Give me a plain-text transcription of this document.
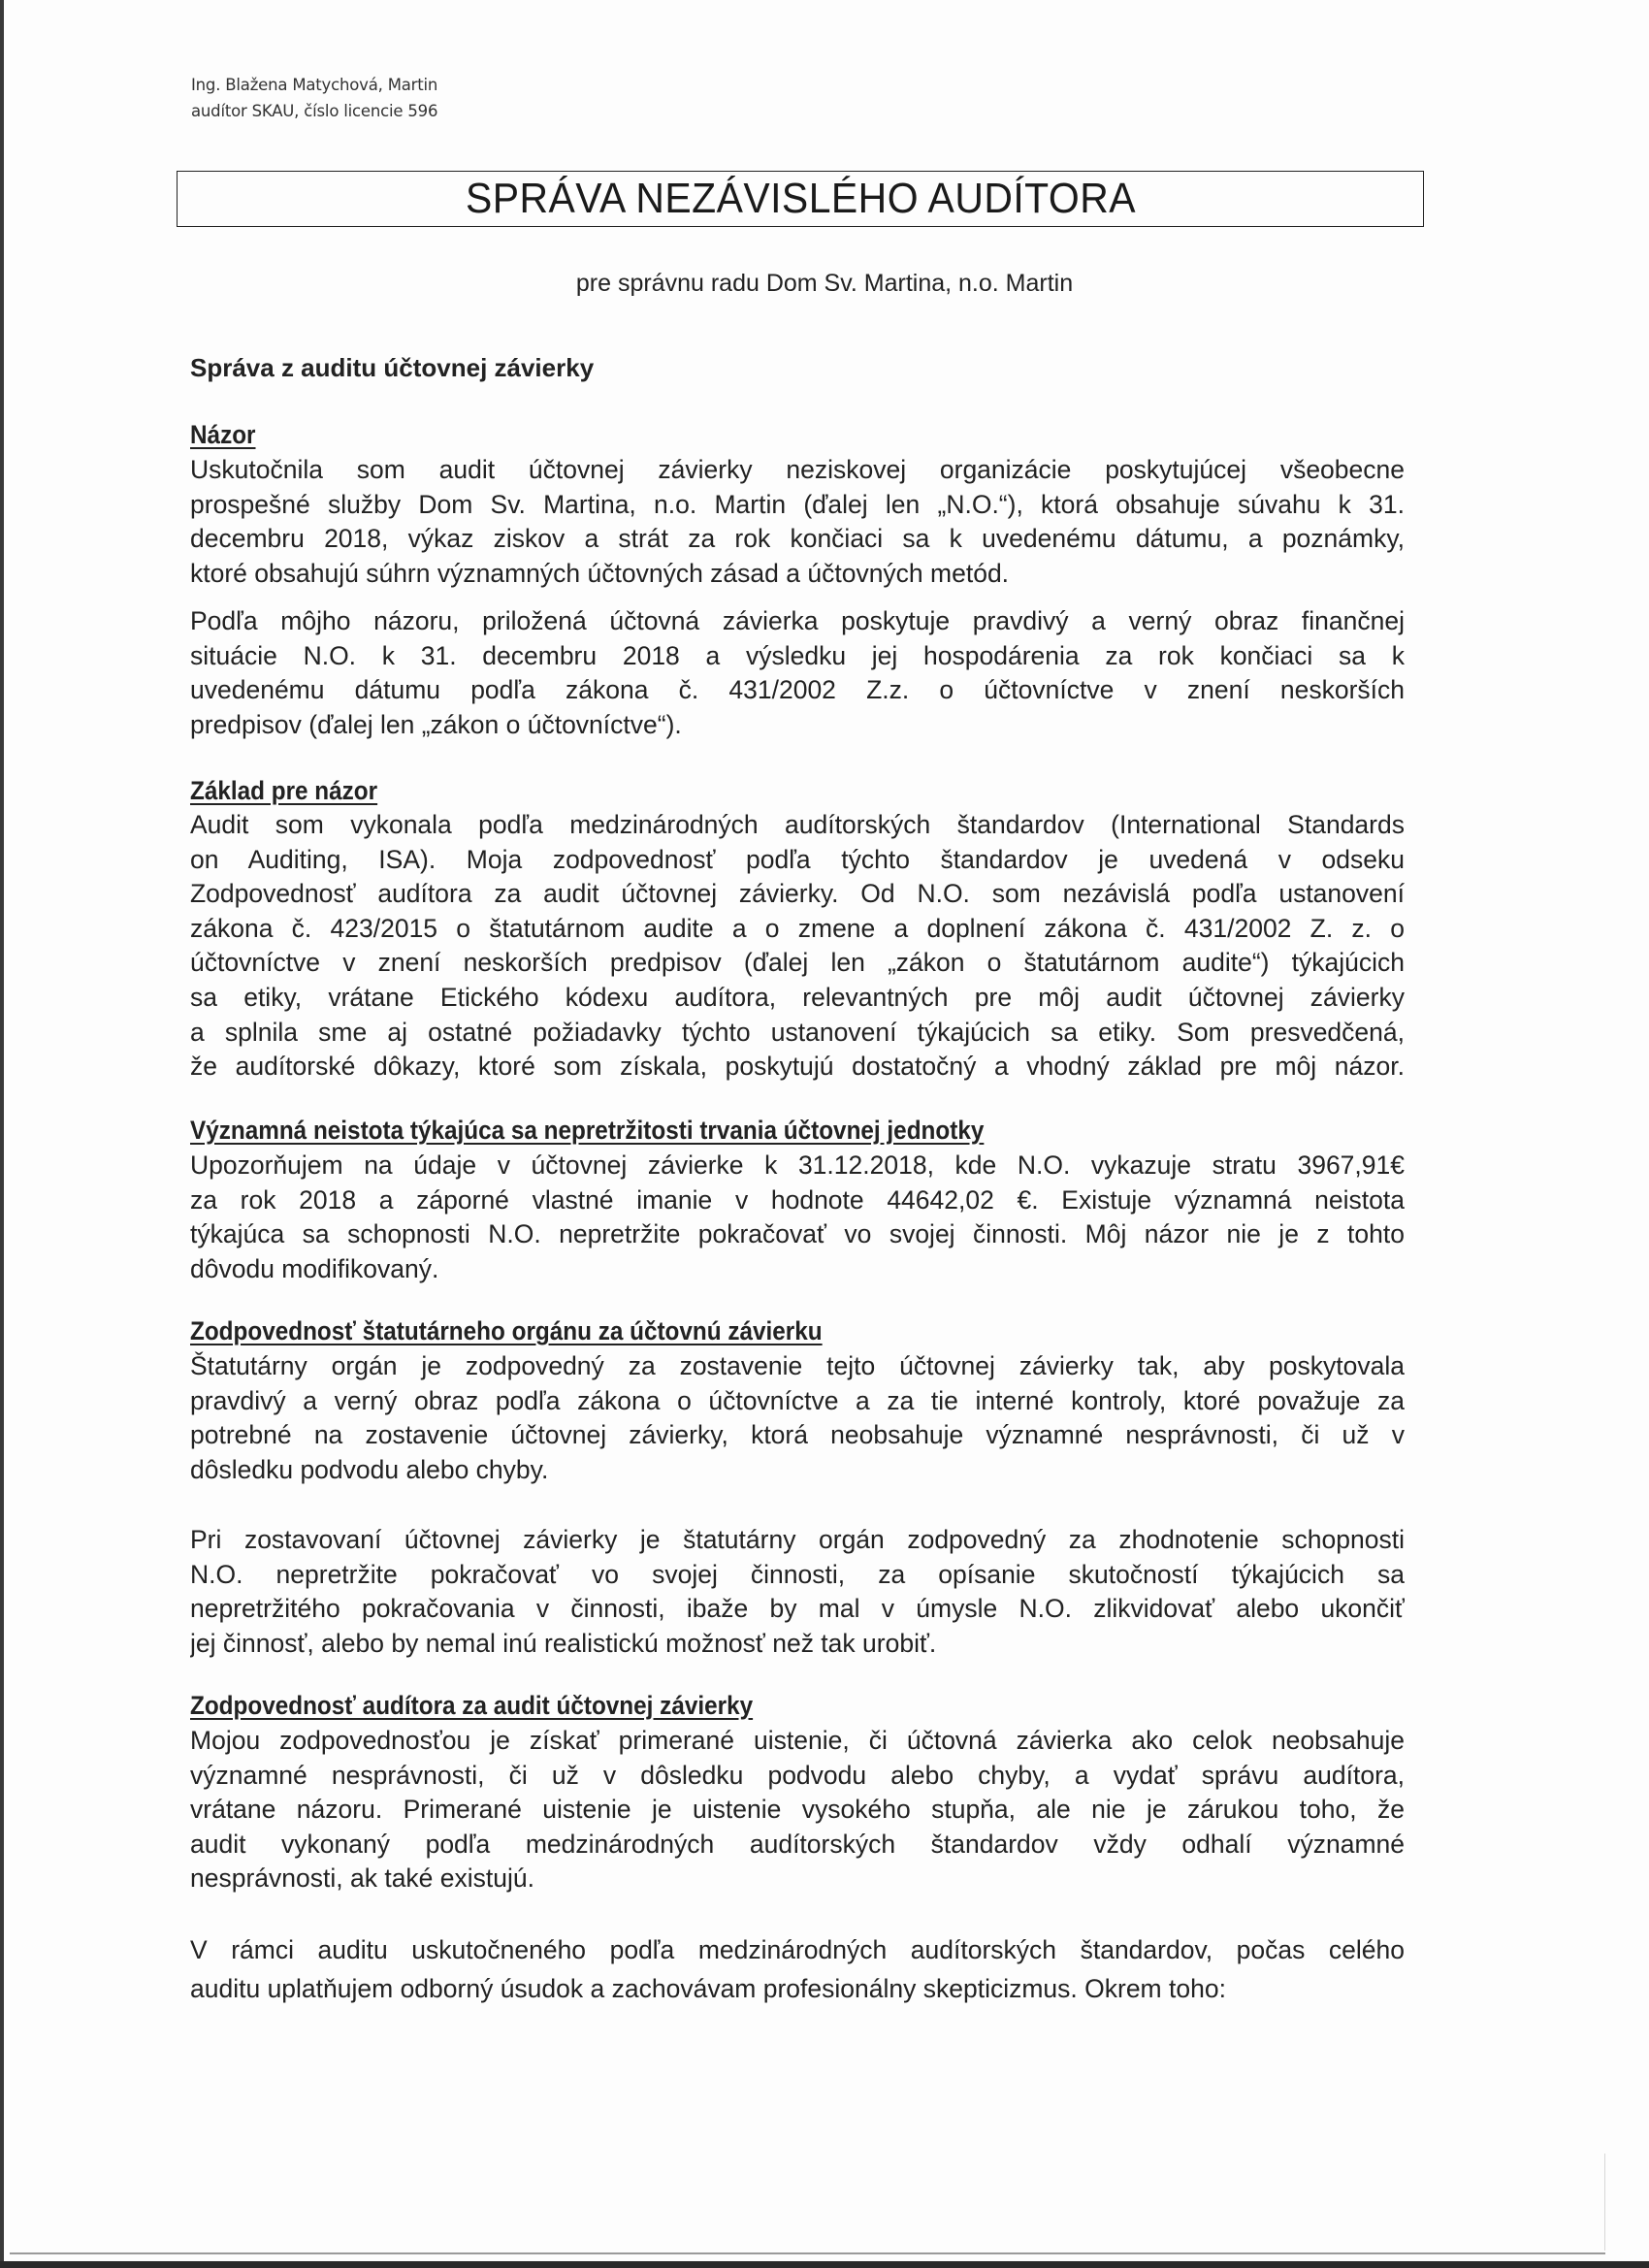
Ing. Blažena Matychová, Martin
audítor SKAU, číslo licencie 596
SPRÁVA NEZÁVISLÉHO AUDÍTORA
pre správnu radu Dom Sv. Martina, n.o. Martin
Správa z auditu účtovnej závierky
Názor
Uskutočnila som audit účtovnej závierky neziskovej organizácie poskytujúcej všeobecne
prospešné služby Dom Sv. Martina, n.o. Martin (ďalej len „N.O.“), ktorá obsahuje súvahu k 31.
decembru 2018, výkaz ziskov a strát za rok končiaci sa k uvedenému dátumu, a poznámky,
ktoré obsahujú súhrn významných účtovných zásad a účtovných metód.
Podľa môjho názoru, priložená účtovná závierka poskytuje pravdivý a verný obraz finančnej
situácie N.O. k 31. decembru 2018 a výsledku jej hospodárenia za rok končiaci sa k
uvedenému dátumu podľa zákona č. 431/2002 Z.z. o účtovníctve v znení neskorších
predpisov (ďalej len „zákon o účtovníctve“).
Základ pre názor
Audit som vykonala podľa medzinárodných audítorských štandardov (International Standards
on Auditing, ISA). Moja zodpovednosť podľa týchto štandardov je uvedená v odseku
Zodpovednosť audítora za audit účtovnej závierky. Od N.O. som nezávislá podľa ustanovení
zákona č. 423/2015 o štatutárnom audite a o zmene a doplnení zákona č. 431/2002 Z. z. o
účtovníctve v znení neskorších predpisov (ďalej len „zákon o štatutárnom audite“) týkajúcich
sa etiky, vrátane Etického kódexu audítora, relevantných pre môj audit účtovnej závierky
a splnila sme aj ostatné požiadavky týchto ustanovení týkajúcich sa etiky. Som presvedčená,
že audítorské dôkazy, ktoré som získala, poskytujú dostatočný a vhodný základ pre môj názor.
Významná neistota týkajúca sa nepretržitosti trvania účtovnej jednotky
Upozorňujem na údaje v účtovnej závierke k 31.12.2018, kde N.O. vykazuje stratu 3967,91€
za rok 2018 a záporné vlastné imanie v hodnote 44642,02 €. Existuje významná neistota
týkajúca sa schopnosti N.O. nepretržite pokračovať vo svojej činnosti. Môj názor nie je z tohto
dôvodu modifikovaný.
Zodpovednosť štatutárneho orgánu za účtovnú závierku
Štatutárny orgán je zodpovedný za zostavenie tejto účtovnej závierky tak, aby poskytovala
pravdivý a verný obraz podľa zákona o účtovníctve a za tie interné kontroly, ktoré považuje za
potrebné na zostavenie účtovnej závierky, ktorá neobsahuje významné nesprávnosti, či už v
dôsledku podvodu alebo chyby.
Pri zostavovaní účtovnej závierky je štatutárny orgán zodpovedný za zhodnotenie schopnosti
N.O. nepretržite pokračovať vo svojej činnosti, za opísanie skutočností týkajúcich sa
nepretržitého pokračovania v činnosti, ibaže by mal v úmysle N.O. zlikvidovať alebo ukončiť
jej činnosť, alebo by nemal inú realistickú možnosť než tak urobiť.
Zodpovednosť audítora za audit účtovnej závierky
Mojou zodpovednosťou je získať primerané uistenie, či účtovná závierka ako celok neobsahuje
významné nesprávnosti, či už v dôsledku podvodu alebo chyby, a vydať správu audítora,
vrátane názoru. Primerané uistenie je uistenie vysokého stupňa, ale nie je zárukou toho, že
audit vykonaný podľa medzinárodných audítorských štandardov vždy odhalí významné
nesprávnosti, ak také existujú.
V rámci auditu uskutočneného podľa medzinárodných audítorských štandardov, počas celého
auditu uplatňujem odborný úsudok a zachovávam profesionálny skepticizmus. Okrem toho:
